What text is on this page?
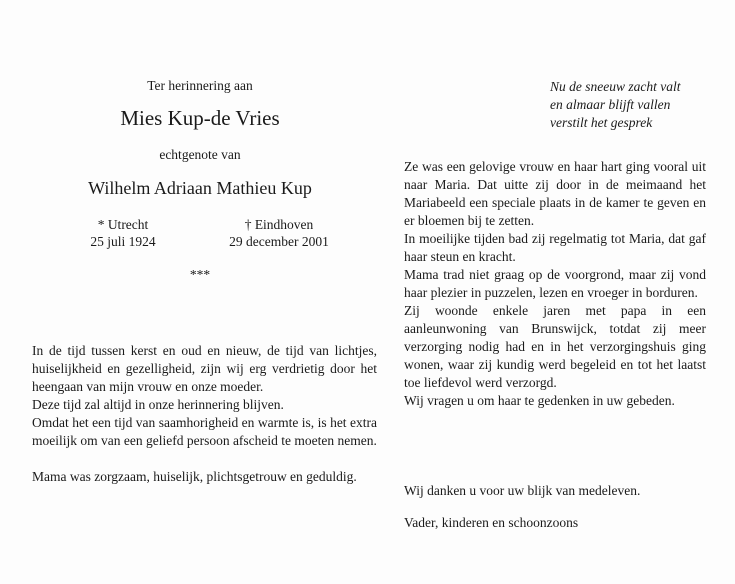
Ter herinnering aan
Mies Kup-de Vries
echtgenote van
Wilhelm Adriaan Mathieu Kup
* Utrecht
25 juli 1924
† Eindhoven
29 december 2001
***

In de tijd tussen kerst en oud en nieuw, de tijd van lichtjes, huiselijkheid en gezelligheid, zijn wij erg verdrietig door het heengaan van mijn vrouw en onze moeder.

Deze tijd zal altijd in onze herinnering blijven.

Omdat het een tijd van saamhorigheid en warmte is, is het extra moeilijk om van een geliefd persoon afscheid te moeten nemen.

Mama was zorgzaam, huiselijk, plichtsgetrouw en geduldig.

Nu de sneeuw zacht valt
en almaar blijft vallen
verstilt het gesprek

Ze was een gelovige vrouw en haar hart ging vooral uit naar Maria. Dat uitte zij door in de meimaand het Mariabeeld een speciale plaats in de kamer te geven en er bloemen bij te zetten.

In moeilijke tijden bad zij regelmatig tot Maria, dat gaf haar steun en kracht.

Mama trad niet graag op de voorgrond, maar zij vond haar plezier in puzzelen, lezen en vroeger in borduren.

Zij woonde enkele jaren met papa in een aanleunwoning van Brunswijck, totdat zij meer verzorging nodig had en in het verzorgingshuis ging wonen, waar zij kundig werd begeleid en tot het laatst toe liefdevol werd verzorgd.

Wij vragen u om haar te gedenken in uw gebeden.

Wij danken u voor uw blijk van medeleven.
Vader, kinderen en schoonzoons
